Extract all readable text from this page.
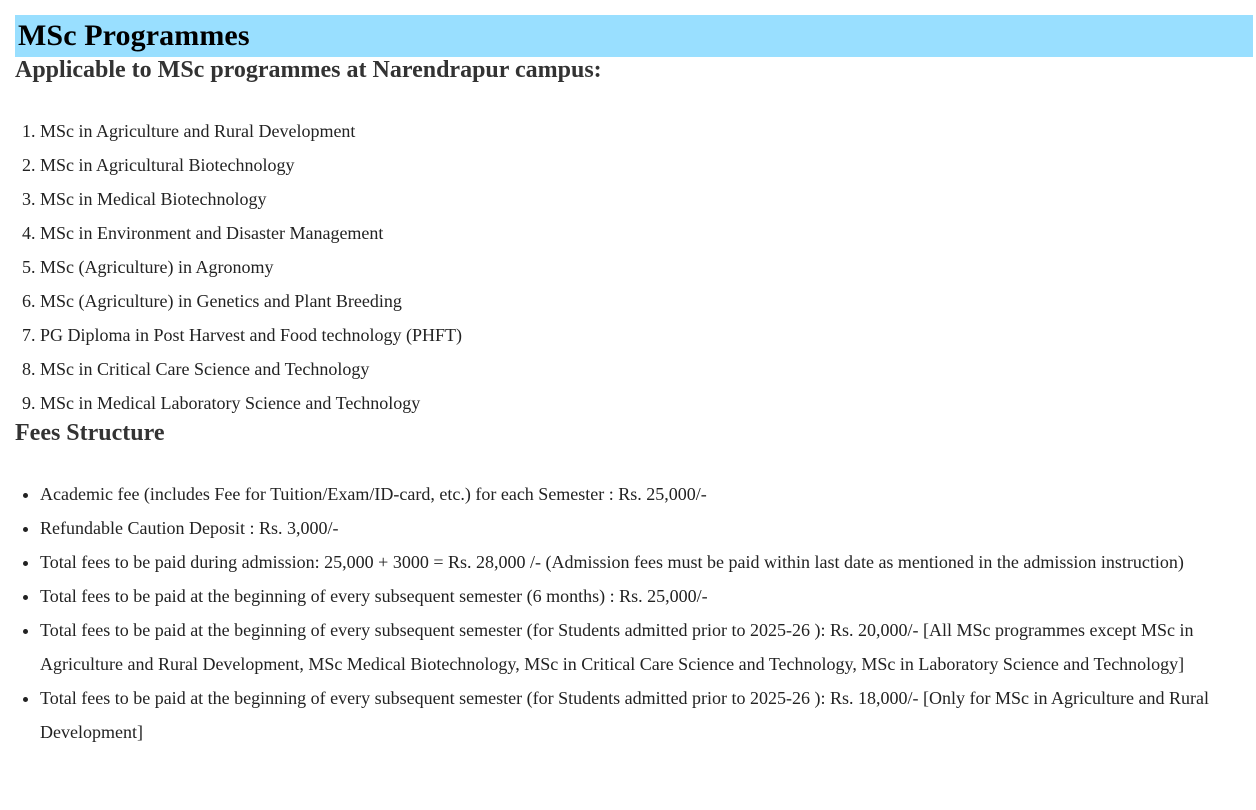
MSc Programmes
Applicable to MSc programmes at Narendrapur campus:
1. MSc in Agriculture and Rural Development
2. MSc in Agricultural Biotechnology
3. MSc in Medical Biotechnology
4. MSc in Environment and Disaster Management
5. MSc (Agriculture) in Agronomy
6. MSc (Agriculture) in Genetics and Plant Breeding
7. PG Diploma in Post Harvest and Food technology (PHFT)
8. MSc in Critical Care Science and Technology
9. MSc in Medical Laboratory Science and Technology
Fees Structure
• Academic fee (includes Fee for Tuition/Exam/ID-card, etc.) for each Semester : Rs. 25,000/-
• Refundable Caution Deposit : Rs. 3,000/-
• Total fees to be paid during admission: 25,000 + 3000 = Rs. 28,000 /- (Admission fees must be paid within last date as mentioned in the admission instruction)
• Total fees to be paid at the beginning of every subsequent semester (6 months) : Rs. 25,000/-
• Total fees to be paid at the beginning of every subsequent semester (for Students admitted prior to 2025-26 ): Rs. 20,000/- [All MSc programmes except MSc in Agriculture and Rural Development, MSc Medical Biotechnology, MSc in Critical Care Science and Technology, MSc in Laboratory Science and Technology]
• Total fees to be paid at the beginning of every subsequent semester (for Students admitted prior to 2025-26 ): Rs. 18,000/- [Only for MSc in Agriculture and Rural Development]
